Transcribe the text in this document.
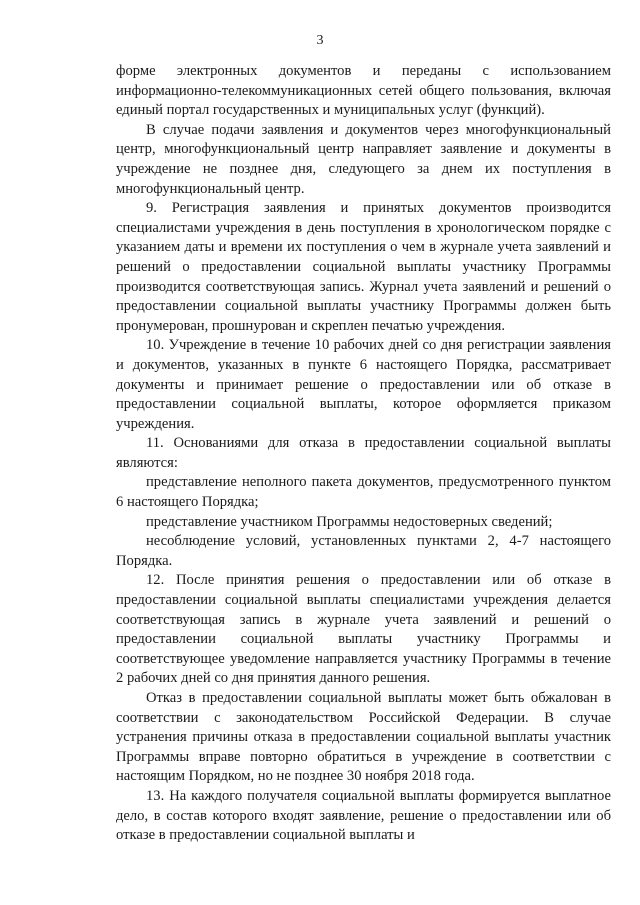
3

форме электронных документов и переданы с использованием информационно-телекоммуникационных сетей общего пользования, включая единый портал государственных и муниципальных услуг (функций).

В случае подачи заявления и документов через многофункциональный центр, многофункциональный центр направляет заявление и документы в учреждение не позднее дня, следующего за днем их поступления в многофункциональный центр.

9. Регистрация заявления и принятых документов производится специалистами учреждения в день поступления в хронологическом порядке с указанием даты и времени их поступления о чем в журнале учета заявлений и решений о предоставлении социальной выплаты участнику Программы производится соответствующая запись. Журнал учета заявлений и решений о предоставлении социальной выплаты участнику Программы должен быть пронумерован, прошнурован и скреплен печатью учреждения.

10. Учреждение в течение 10 рабочих дней со дня регистрации заявления и документов, указанных в пункте 6 настоящего Порядка, рассматривает документы и принимает решение о предоставлении или об отказе в предоставлении социальной выплаты, которое оформляется приказом учреждения.

11. Основаниями для отказа в предоставлении социальной выплаты являются:

представление неполного пакета документов, предусмотренного пунктом 6 настоящего Порядка;

представление участником Программы недостоверных сведений;

несоблюдение условий, установленных пунктами 2, 4-7 настоящего Порядка.

12. После принятия решения о предоставлении или об отказе в предоставлении социальной выплаты специалистами учреждения делается соответствующая запись в журнале учета заявлений и решений о предоставлении социальной выплаты участнику Программы и соответствующее уведомление направляется участнику Программы в течение 2 рабочих дней со дня принятия данного решения.

Отказ в предоставлении социальной выплаты может быть обжалован в соответствии с законодательством Российской Федерации. В случае устранения причины отказа в предоставлении социальной выплаты участник Программы вправе повторно обратиться в учреждение в соответствии с настоящим Порядком, но не позднее 30 ноября 2018 года.

13. На каждого получателя социальной выплаты формируется выплатное дело, в состав которого входят заявление, решение о предоставлении или об отказе в предоставлении социальной выплаты и
